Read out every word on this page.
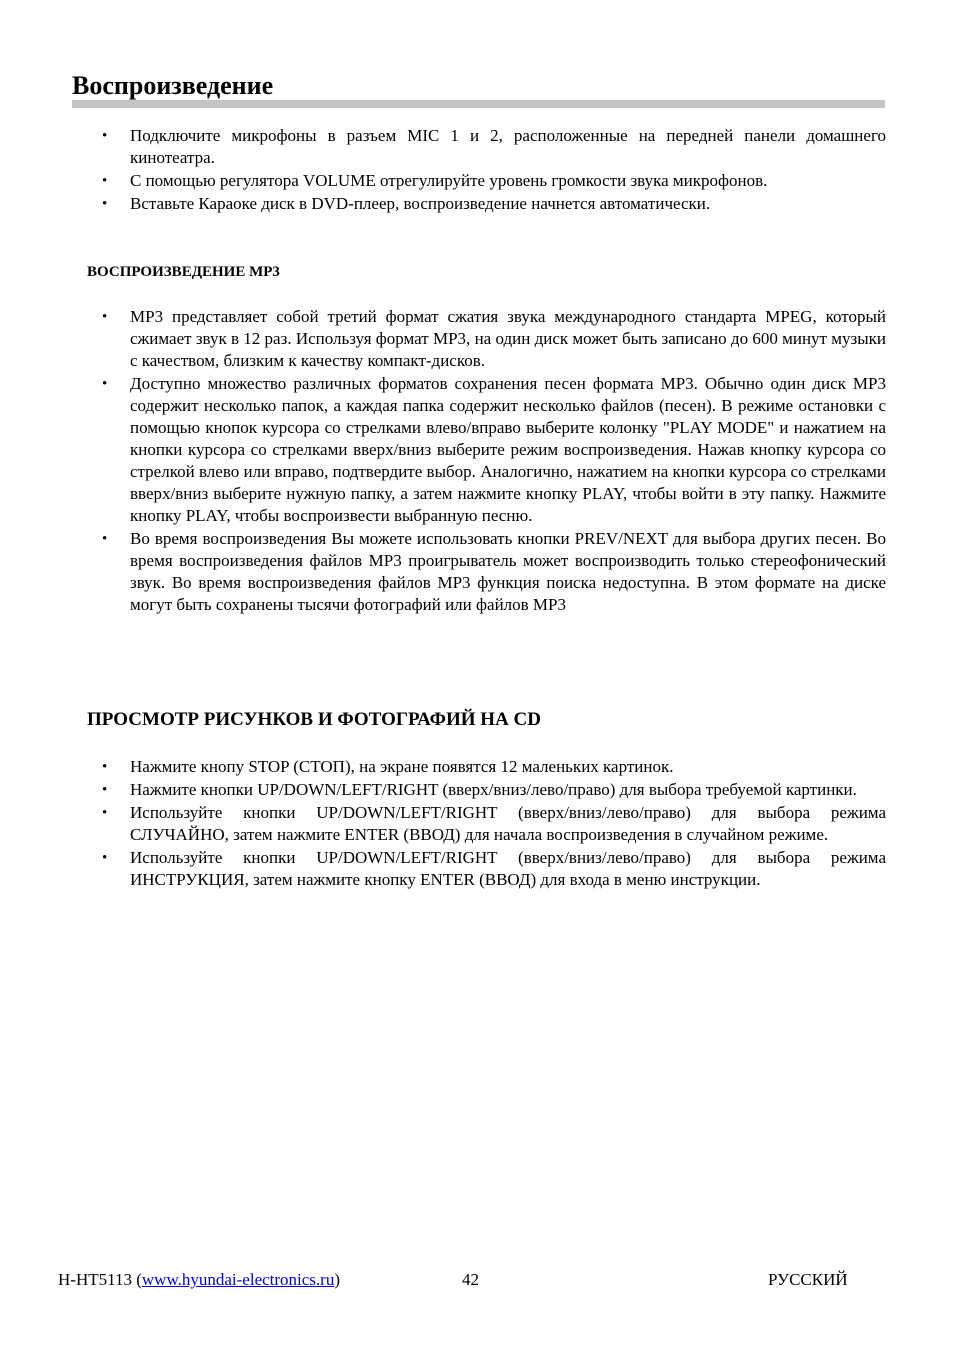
Воспроизведение
• Подключите микрофоны в разъем MIC 1 и 2, расположенные на передней панели домашнего кинотеатра.
• С помощью регулятора VOLUME отрегулируйте уровень громкости звука микрофонов.
• Вставьте Караоке диск в DVD-плеер, воспроизведение начнется автоматически.
ВОСПРОИЗВЕДЕНИЕ MP3
• MP3 представляет собой третий формат сжатия звука международного стандарта MPEG, который сжимает звук в 12 раз. Используя формат MP3, на один диск может быть записано до 600 минут музыки с качеством, близким к качеству компакт-дисков.
• Доступно множество различных форматов сохранения песен формата MP3. Обычно один диск MP3 содержит несколько папок, а каждая папка содержит несколько файлов (песен). В режиме остановки с помощью кнопок курсора со стрелками влево/вправо выберите колонку "PLAY MODE" и нажатием на кнопки курсора со стрелками вверх/вниз выберите режим воспроизведения. Нажав кнопку курсора со стрелкой влево или вправо, подтвердите выбор. Аналогично, нажатием на кнопки курсора со стрелками вверх/вниз выберите нужную папку, а затем нажмите кнопку PLAY, чтобы войти в эту папку. Нажмите кнопку PLAY, чтобы воспроизвести выбранную песню.
• Во время воспроизведения Вы можете использовать кнопки PREV/NEXT для выбора других песен. Во время воспроизведения файлов MP3 проигрыватель может воспроизводить только стереофонический звук. Во время воспроизведения файлов MP3 функция поиска недоступна. В этом формате на диске могут быть сохранены тысячи фотографий или файлов MP3
ПРОСМОТР РИСУНКОВ И ФОТОГРАФИЙ НА CD
• Нажмите кнопу STOP (СТОП), на экране появятся 12 маленьких картинок.
• Нажмите кнопки UP/DOWN/LEFT/RIGHT (вверх/вниз/лево/право) для выбора требуемой картинки.
• Используйте кнопки UP/DOWN/LEFT/RIGHT (вверх/вниз/лево/право) для выбора режима СЛУЧАЙНО, затем нажмите ENTER (ВВОД) для начала воспроизведения в случайном режиме.
• Используйте кнопки UP/DOWN/LEFT/RIGHT (вверх/вниз/лево/право) для выбора режима ИНСТРУКЦИЯ, затем нажмите кнопку ENTER (ВВОД) для входа в меню инструкции.
H-HT5113 (www.hyundai-electronics.ru)	42	РУССКИЙ
